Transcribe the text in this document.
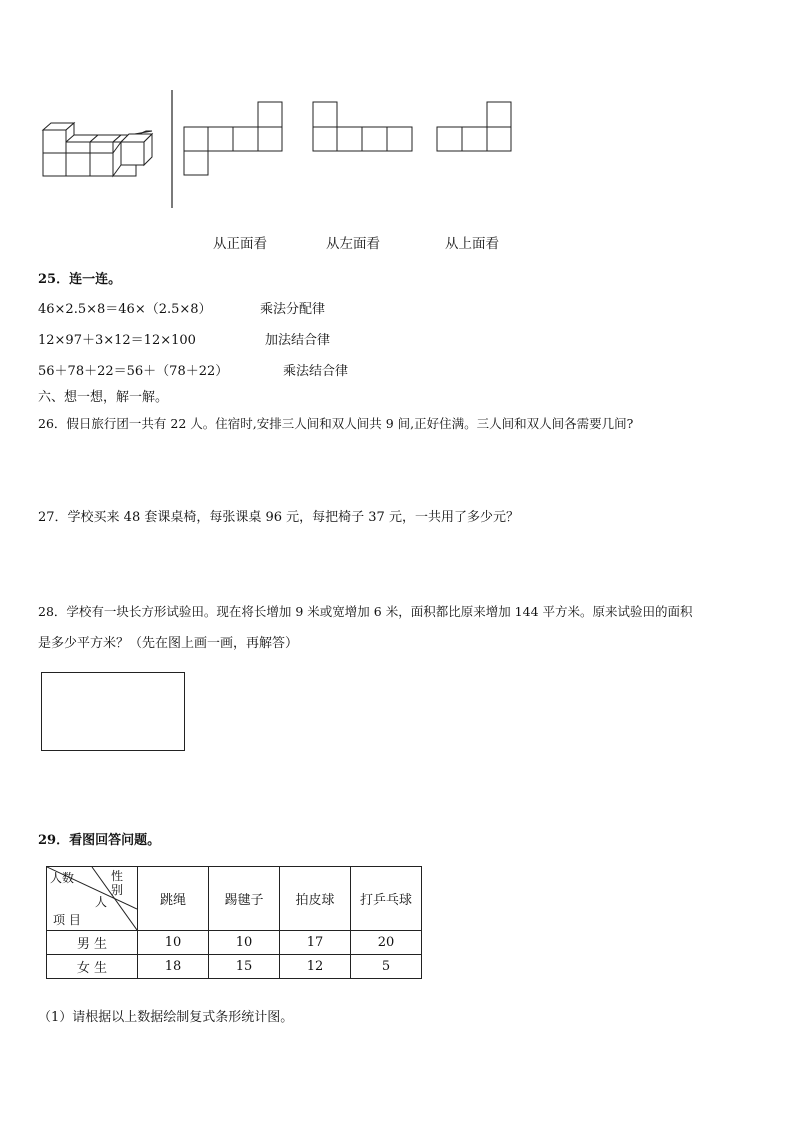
从正面看	从左面看	从上面看
25．连一连。
46×2.5×8＝46×（2.5×8）	乘法分配律
12×97＋3×12＝12×100	加法结合律
56＋78＋22＝56＋（78＋22）	乘法结合律
六、想一想，解一解。
26．假日旅行团一共有 22 人。住宿时,安排三人间和双人间共 9 间,正好住满。三人间和双人间各需要几间?
27．学校买来 48 套课桌椅，每张课桌 96 元，每把椅子 37 元，一共用了多少元？
28．学校有一块长方形试验田。现在将长增加 9 米或宽增加 6 米，面积都比原来增加 144 平方米。原来试验田的面积
是多少平方米？（先在图上画一画，再解答）
29．看图回答问题。
性别
人数
人
项 目	跳绳	踢毽子	拍皮球	打乒乓球
男 生	10	10	17	20
女 生	18	15	12	5
（1）请根据以上数据绘制复式条形统计图。
